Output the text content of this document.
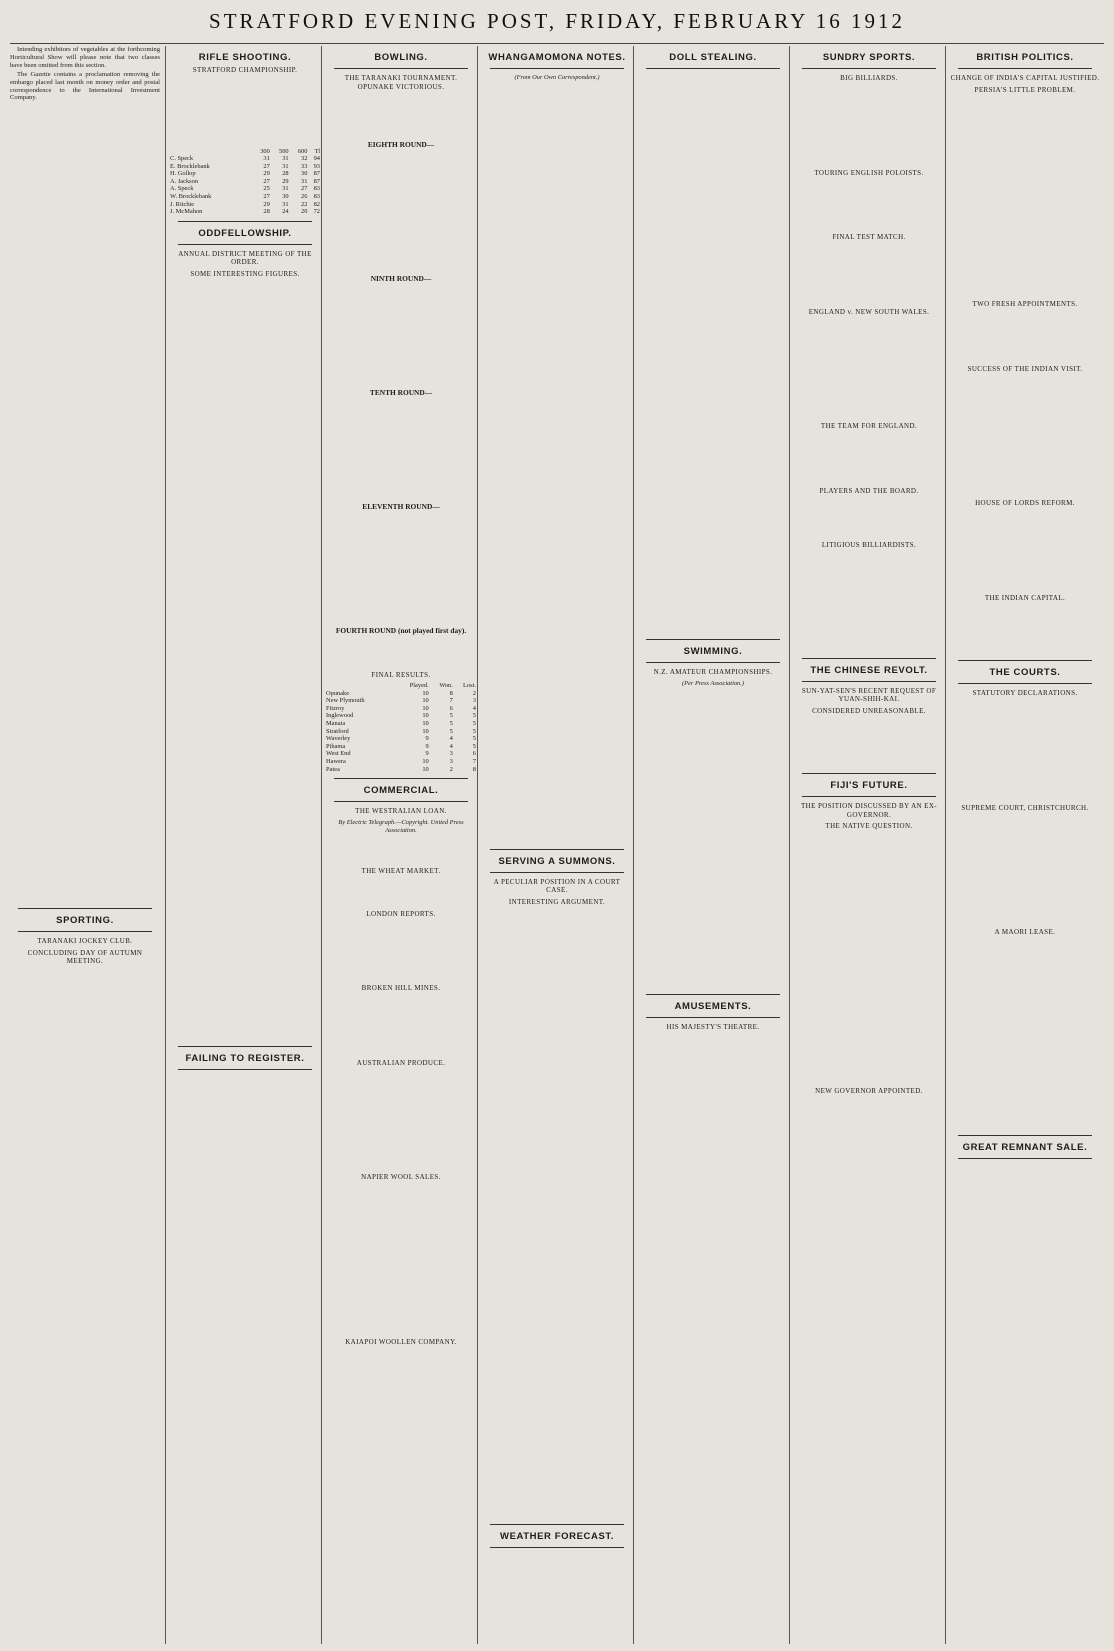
STRATFORD EVENING POST, FRIDAY, FEBRUARY 16 1912

Intending exhibitors of vegetables at the forthcoming Horticultural Show will please note that two classes have been omitted from this section.

The Gazette contains a proclamation removing the embargo placed last month on money order and postal correspondence to the International Investment Company.

SPORTING.
TARANAKI JOCKEY CLUB.
CONCLUDING DAY OF AUTUMN MEETING.
RIFLE SHOOTING.
STRATFORD CHAMPIONSHIP.
	300	500	600	Tl
C. Speck	31	31	32	94
E. Brocklebank	27	31	33	93
H. Gollop	29	28	30	87
A. Jackson	27	29	31	87
A. Speck	25	31	27	83
W. Brocklebank	27	30	26	83
J. Ritchie	29	31	22	82
J. McMahon	28	24	20	72
ODDFELLOWSHIP.
ANNUAL DISTRICT MEETING OF THE ORDER.
SOME INTERESTING FIGURES.
FAILING TO REGISTER.
BOWLING.
THE TARANAKI TOURNAMENT. OPUNAKE VICTORIOUS.
EIGHTH ROUND—
NINTH ROUND—
TENTH ROUND—
ELEVENTH ROUND—
FOURTH ROUND (not played first day).
FINAL RESULTS.
	Played.	Won.	Lost.
Opunake	10	8	2
New Plymouth	10	7	3
Fitzroy	10	6	4
Inglewood	10	5	5
Manaia	10	5	5
Stratford	10	5	5
Waverley	9	4	5
Pihama	9	4	5
West End	9	3	6
Hawera	10	3	7
Patea	10	2	8
COMMERCIAL.
THE WESTRALIAN LOAN.
By Electric Telegraph.—Copyright. United Press Association.
THE WHEAT MARKET.
LONDON REPORTS.
BROKEN HILL MINES.
AUSTRALIAN PRODUCE.
NAPIER WOOL SALES.
KAIAPOI WOOLLEN COMPANY.
WHANGAMOMONA NOTES.
(From Our Own Correspondent.)
SERVING A SUMMONS.
A PECULIAR POSITION IN A COURT CASE.
INTERESTING ARGUMENT.
WEATHER FORECAST.
DOLL STEALING.
SWIMMING.
N.Z. AMATEUR CHAMPIONSHIPS.
(Per Press Association.)
AMUSEMENTS.
HIS MAJESTY'S THEATRE.
SUNDRY SPORTS.
BIG BILLIARDS.
TOURING ENGLISH POLOISTS.
FINAL TEST MATCH.
ENGLAND v. NEW SOUTH WALES.
THE TEAM FOR ENGLAND.
PLAYERS AND THE BOARD.
LITIGIOUS BILLIARDISTS.
THE CHINESE REVOLT.
SUN-YAT-SEN'S RECENT REQUEST OF YUAN-SHIH-KAI.
CONSIDERED UNREASONABLE.
FIJI'S FUTURE.
THE POSITION DISCUSSED BY AN EX-GOVERNOR.
THE NATIVE QUESTION.
NEW GOVERNOR APPOINTED.
BRITISH POLITICS.
CHANGE OF INDIA'S CAPITAL JUSTIFIED.
PERSIA'S LITTLE PROBLEM.
TWO FRESH APPOINTMENTS.
SUCCESS OF THE INDIAN VISIT.
HOUSE OF LORDS REFORM.
THE INDIAN CAPITAL.
THE COURTS.
STATUTORY DECLARATIONS.
SUPREME COURT, CHRISTCHURCH.
A MAORI LEASE.
GREAT REMNANT SALE.
